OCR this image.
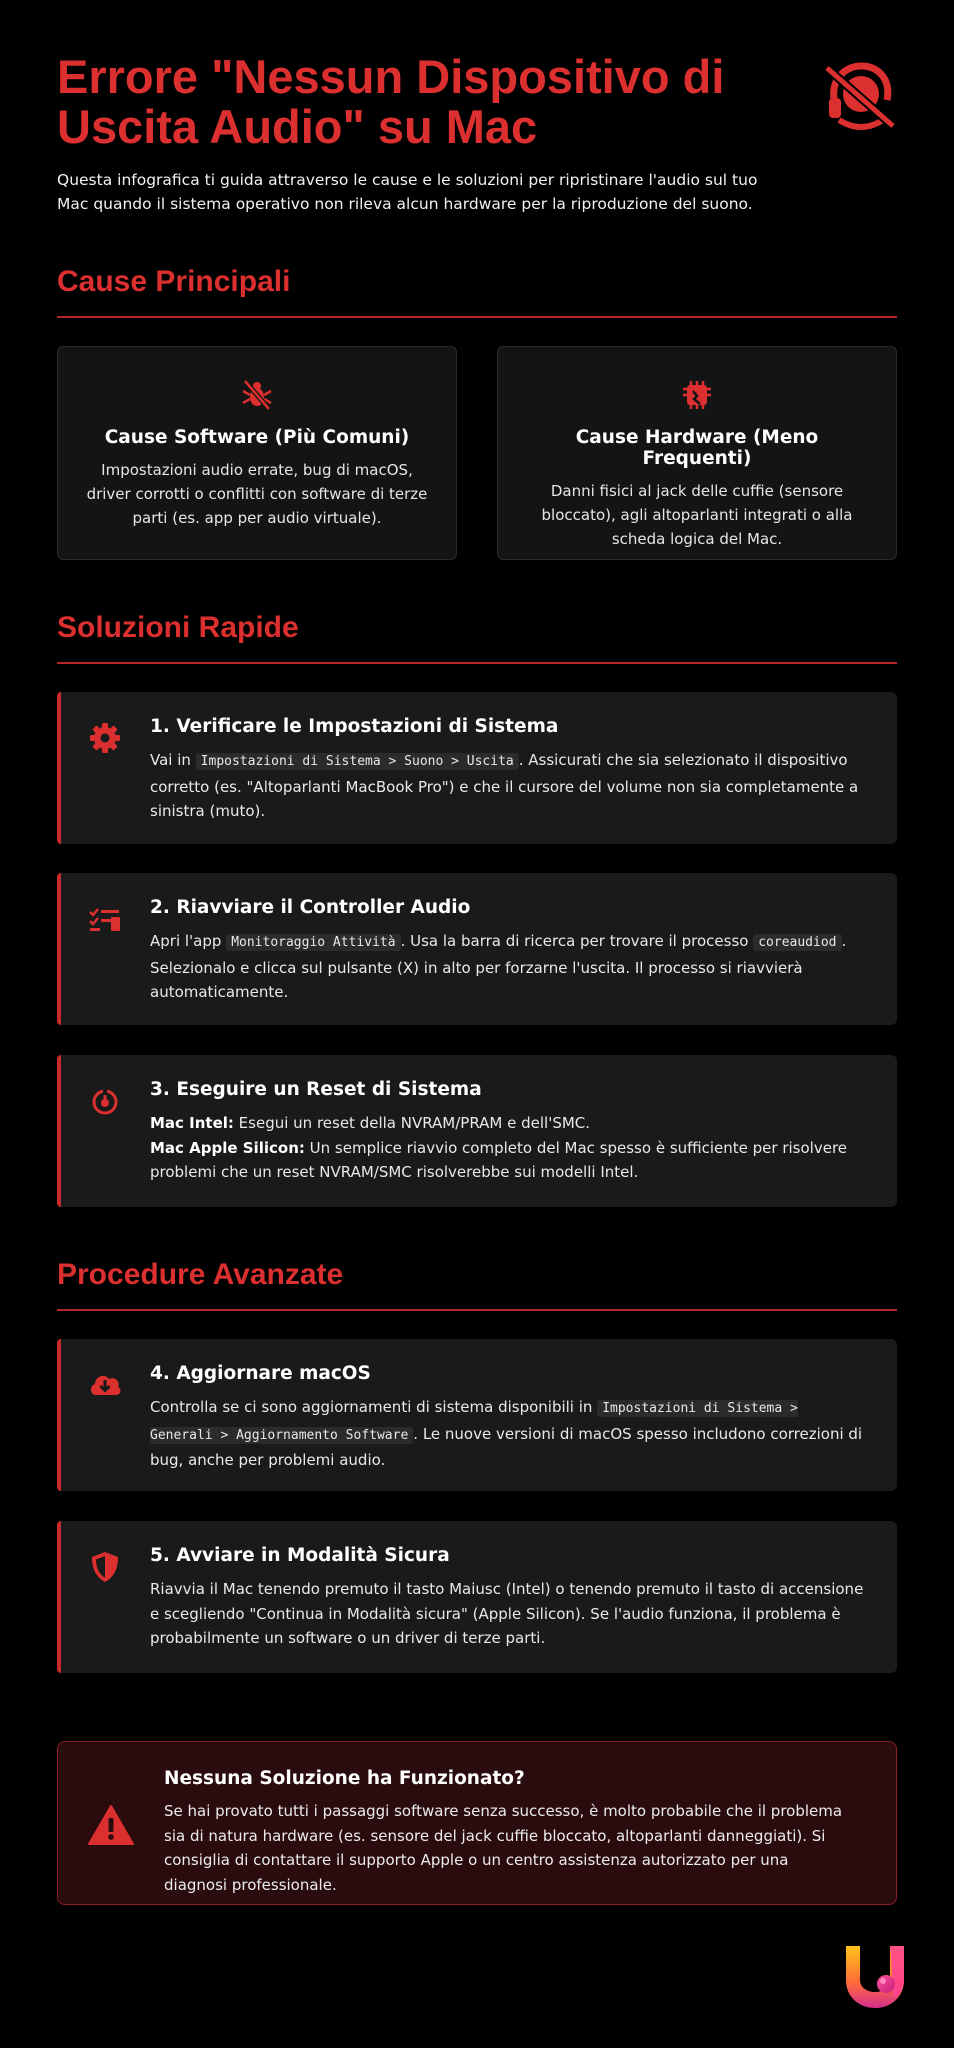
Errore "Nessun Dispositivo di Uscita Audio" su Mac

Questa infografica ti guida attraverso le cause e le soluzioni per ripristinare l'audio sul tuo Mac quando il sistema operativo non rileva alcun hardware per la riproduzione del suono.

Cause Principali
Cause Software (Più Comuni)

Impostazioni audio errate, bug di macOS, driver corrotti o conflitti con software di terze parti (es. app per audio virtuale).

Cause Hardware (Meno Frequenti)

Danni fisici al jack delle cuffie (sensore bloccato), agli altoparlanti integrati o alla scheda logica del Mac.

Soluzioni Rapide
1. Verificare le Impostazioni di Sistema

Vai in Impostazioni di Sistema > Suono > Uscita . Assicurati che sia selezionato il dispositivo corretto (es. "Altoparlanti MacBook Pro") e che il cursore del volume non sia completamente a sinistra (muto).

2. Riavviare il Controller Audio

Apri l'app Monitoraggio Attività . Usa la barra di ricerca per trovare il processo coreaudiod . Selezionalo e clicca sul pulsante (X) in alto per forzarne l'uscita. Il processo si riavvierà automaticamente.

3. Eseguire un Reset di Sistema

Mac Intel: Esegui un reset della NVRAM/PRAM e dell'SMC.

Mac Apple Silicon: Un semplice riavvio completo del Mac spesso è sufficiente per risolvere problemi che un reset NVRAM/SMC risolverebbe sui modelli Intel.

Procedure Avanzate
4. Aggiornare macOS

Controlla se ci sono aggiornamenti di sistema disponibili in Impostazioni di Sistema > Generali > Aggiornamento Software . Le nuove versioni di macOS spesso includono correzioni di bug, anche per problemi audio.

5. Avviare in Modalità Sicura

Riavvia il Mac tenendo premuto il tasto Maiusc (Intel) o tenendo premuto il tasto di accensione e scegliendo "Continua in Modalità sicura" (Apple Silicon). Se l'audio funziona, il problema è probabilmente un software o un driver di terze parti.

Nessuna Soluzione ha Funzionato?

Se hai provato tutti i passaggi software senza successo, è molto probabile che il problema sia di natura hardware (es. sensore del jack cuffie bloccato, altoparlanti danneggiati). Si consiglia di contattare il supporto Apple o un centro assistenza autorizzato per una diagnosi professionale.
